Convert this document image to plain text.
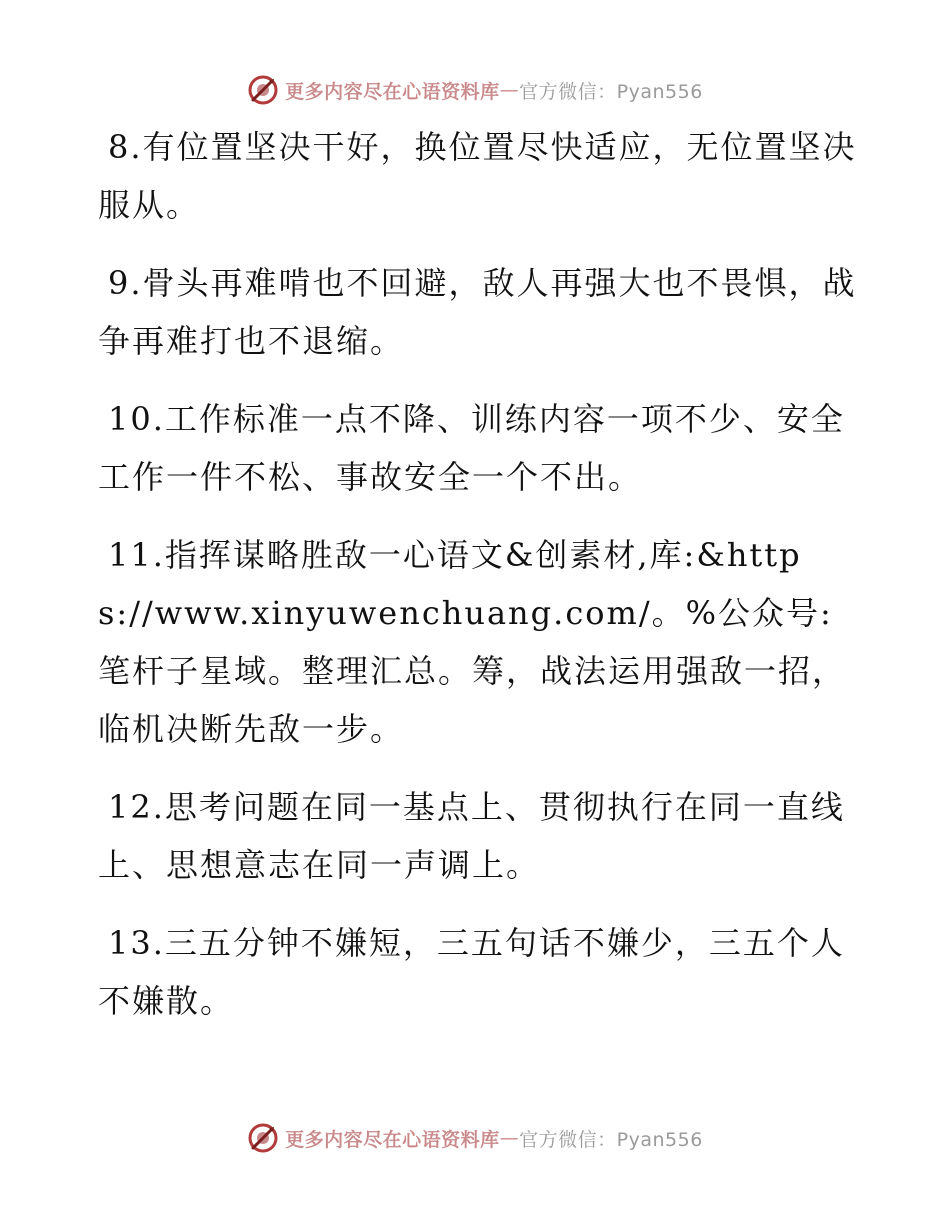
更多内容尽在心语资料库 — 官方微信：Pyan556

8.有位置坚决干好，换位置尽快适应，无位置坚决服从。

9.骨头再难啃也不回避，敌人再强大也不畏惧，战争再难打也不退缩。

10.工作标准一点不降、训练内容一项不少、安全工作一件不松、事故安全一个不出。

11.指挥谋略胜敌一心语文&创素材,库:&https://www.xinyuwenchuang.com/。%公众号:笔杆子星域。整理汇总。筹，战法运用强敌一招，临机决断先敌一步。

12.思考问题在同一基点上、贯彻执行在同一直线上、思想意志在同一声调上。

13.三五分钟不嫌短，三五句话不嫌少，三五个人不嫌散。

更多内容尽在心语资料库 — 官方微信：Pyan556
